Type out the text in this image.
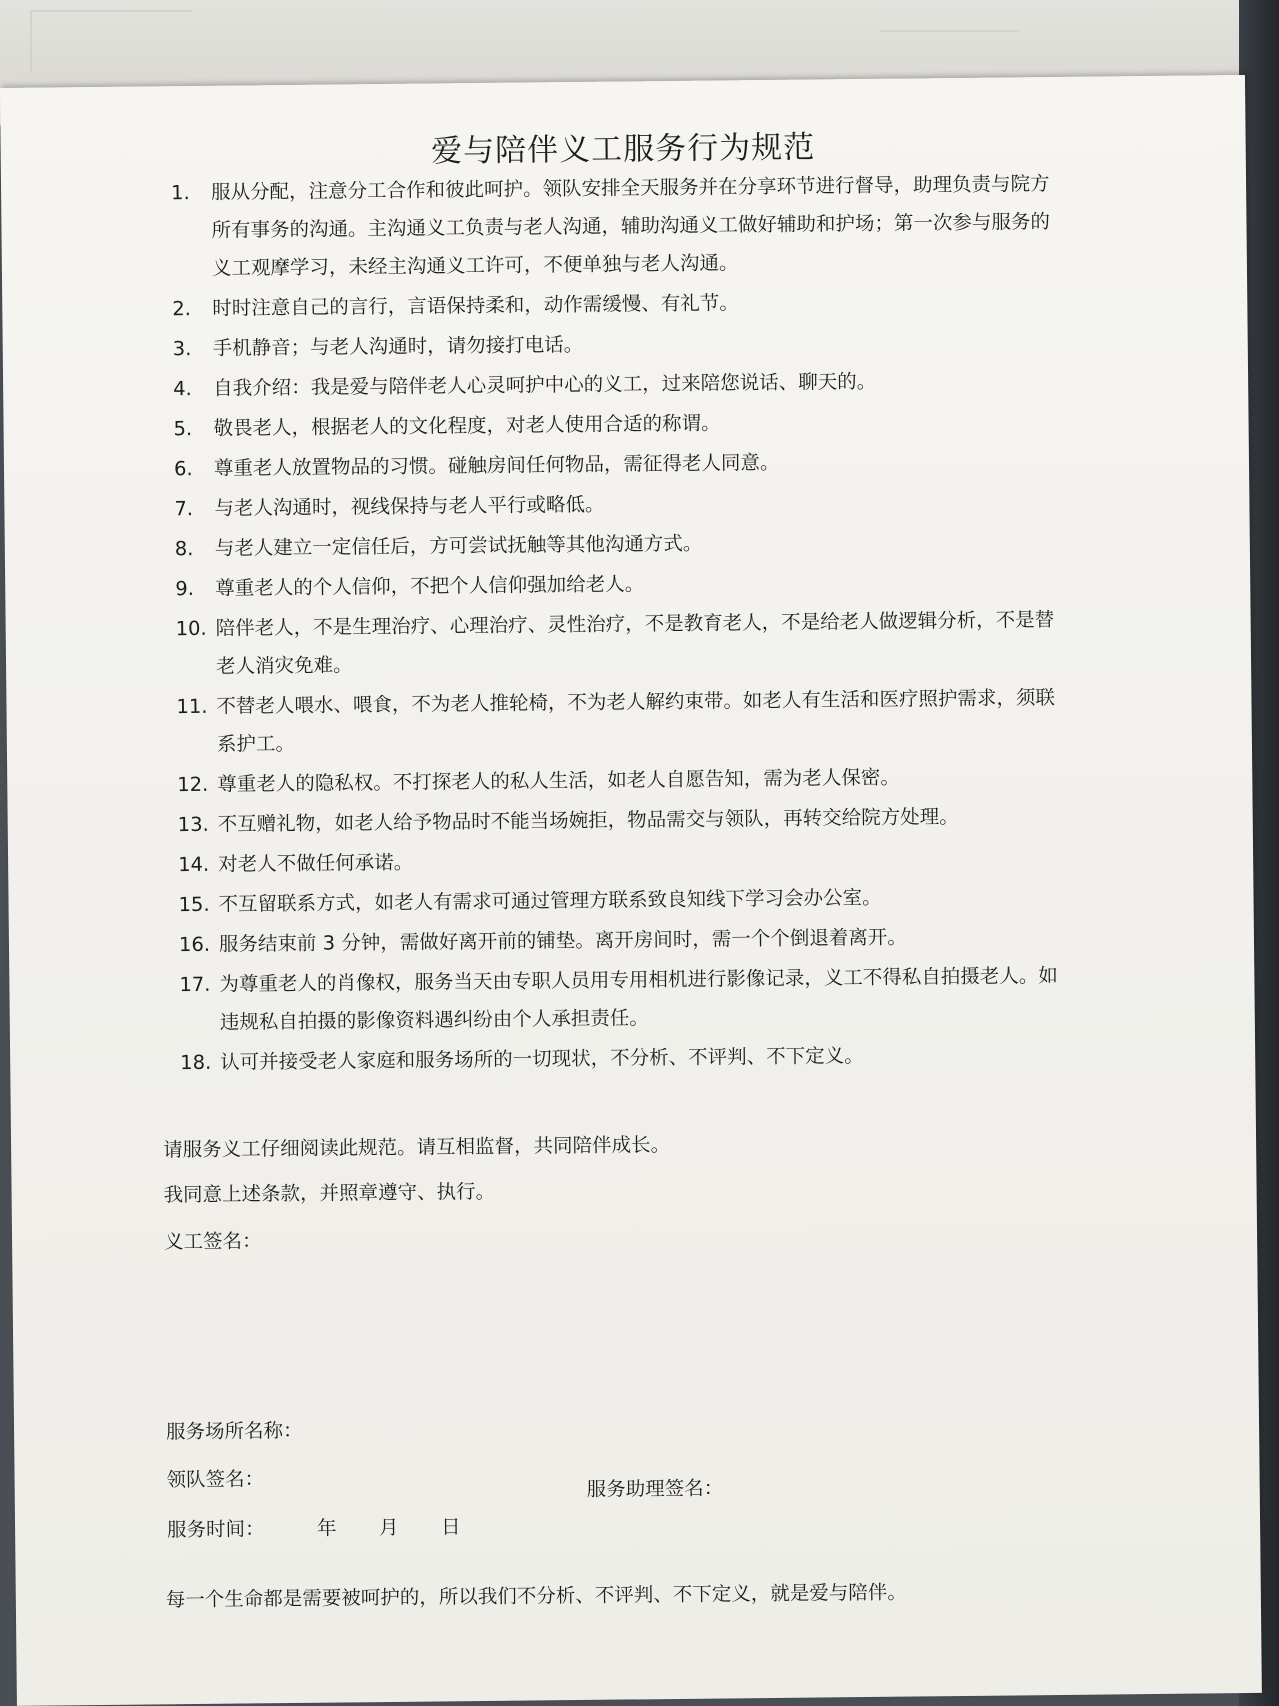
爱与陪伴义工服务行为规范
1.	服从分配，注意分工合作和彼此呵护。领队安排全天服务并在分享环节进行督导，助理负责与院方所有事务的沟通。主沟通义工负责与老人沟通，辅助沟通义工做好辅助和护场；第一次参与服务的义工观摩学习，未经主沟通义工许可，不便单独与老人沟通。
2.	时时注意自己的言行，言语保持柔和，动作需缓慢、有礼节。
3.	手机静音；与老人沟通时，请勿接打电话。
4.	自我介绍：我是爱与陪伴老人心灵呵护中心的义工，过来陪您说话、聊天的。
5.	敬畏老人，根据老人的文化程度，对老人使用合适的称谓。
6.	尊重老人放置物品的习惯。碰触房间任何物品，需征得老人同意。
7.	与老人沟通时，视线保持与老人平行或略低。
8.	与老人建立一定信任后，方可尝试抚触等其他沟通方式。
9.	尊重老人的个人信仰，不把个人信仰强加给老人。
10. 陪伴老人，不是生理治疗、心理治疗、灵性治疗，不是教育老人，不是给老人做逻辑分析，不是替老人消灾免难。
11. 不替老人喂水、喂食，不为老人推轮椅，不为老人解约束带。如老人有生活和医疗照护需求，须联系护工。
12. 尊重老人的隐私权。不打探老人的私人生活，如老人自愿告知，需为老人保密。
13. 不互赠礼物，如老人给予物品时不能当场婉拒，物品需交与领队，再转交给院方处理。
14. 对老人不做任何承诺。
15. 不互留联系方式，如老人有需求可通过管理方联系致良知线下学习会办公室。
16. 服务结束前 3 分钟，需做好离开前的铺垫。离开房间时，需一个个倒退着离开。
17. 为尊重老人的肖像权，服务当天由专职人员用专用相机进行影像记录，义工不得私自拍摄老人。如违规私自拍摄的影像资料遇纠纷由个人承担责任。
18. 认可并接受老人家庭和服务场所的一切现状，不分析、不评判、不下定义。
请服务义工仔细阅读此规范。请互相监督，共同陪伴成长。
我同意上述条款，并照章遵守、执行。
义工签名：
服务场所名称：
领队签名：	服务助理签名：
服务时间：	年	月	日
每一个生命都是需要被呵护的，所以我们不分析、不评判、不下定义，就是爱与陪伴。
